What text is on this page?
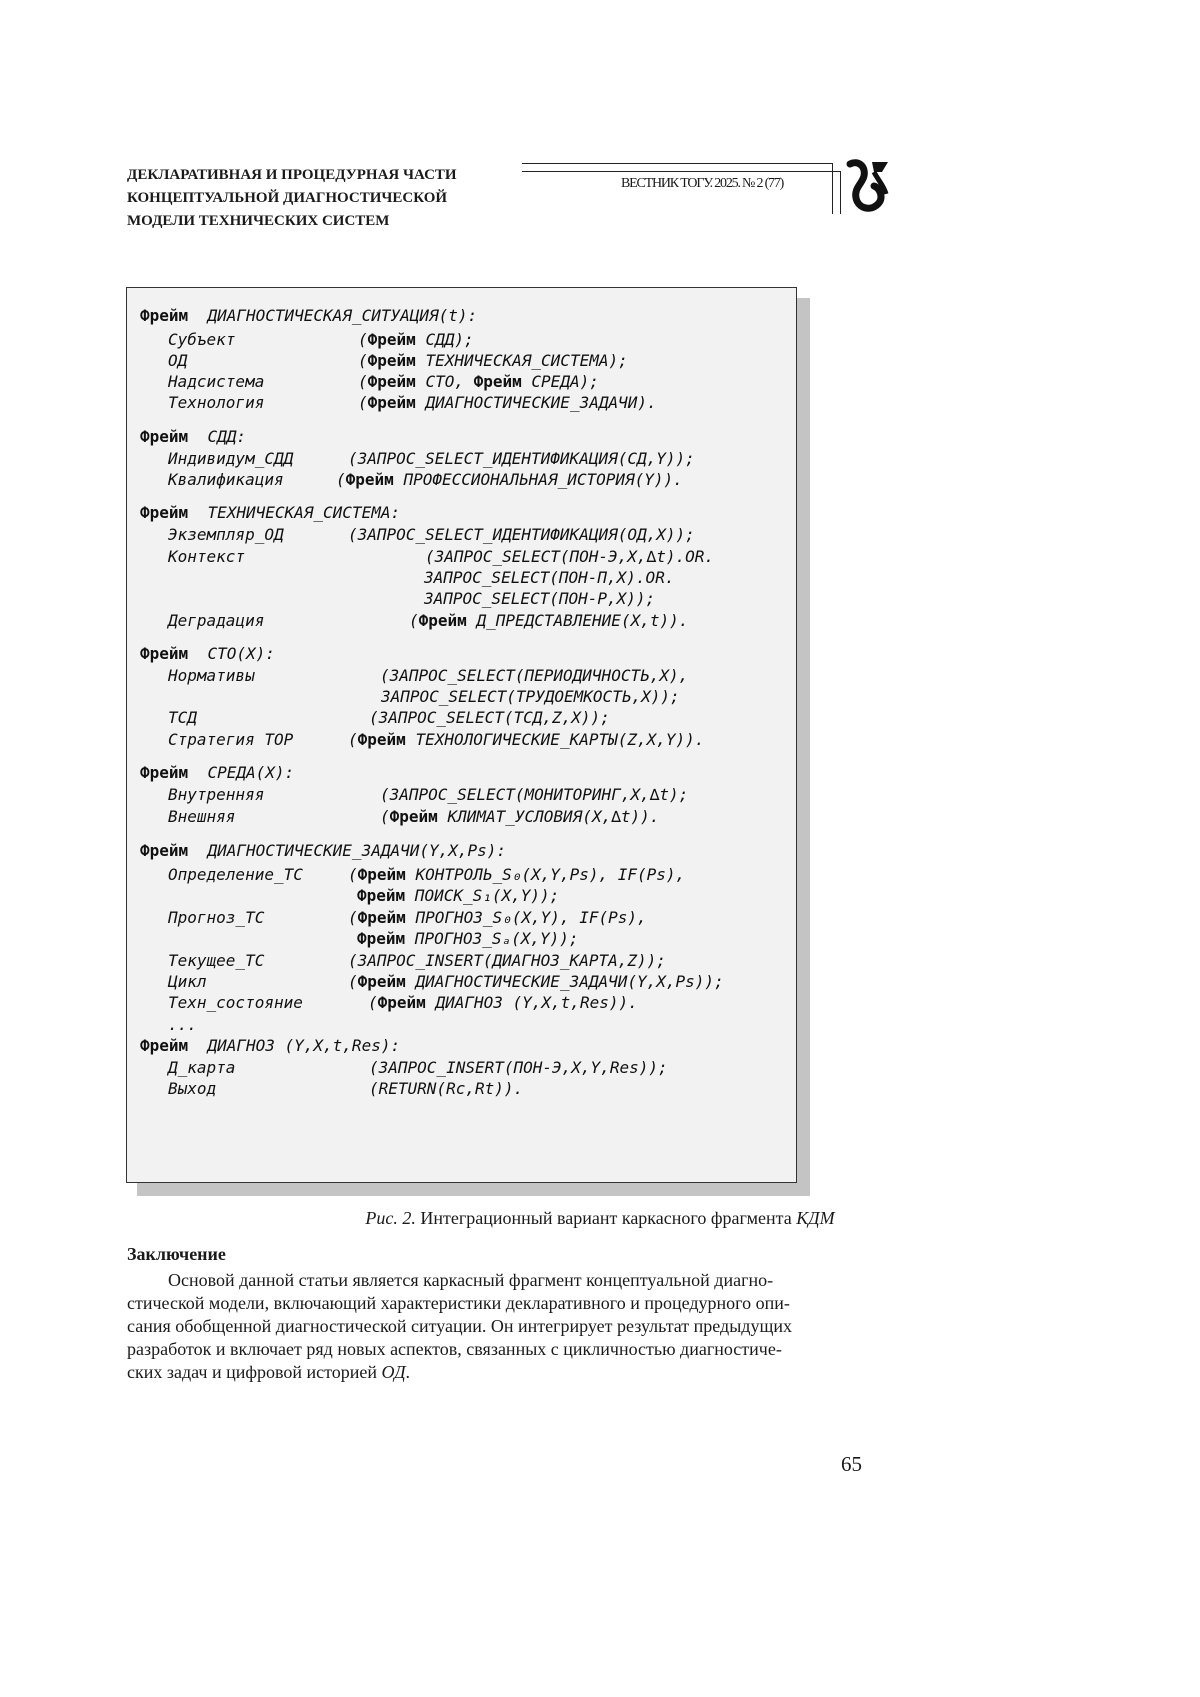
ДЕКЛАРАТИВНАЯ И ПРОЦЕДУРНАЯ ЧАСТИ
КОНЦЕПТУАЛЬНОЙ ДИАГНОСТИЧЕСКОЙ
МОДЕЛИ ТЕХНИЧЕСКИХ СИСТЕМ
ВЕСТНИК ТОГУ. 2025. № 2 (77)
Фрейм  ДИАГНОСТИЧЕСКАЯ_СИТУАЦИЯ(t):
Субъект	(Фрейм СДД);
ОД	(Фрейм ТЕХНИЧЕСКАЯ_СИСТЕМА);
Надсистема	(Фрейм СТО, Фрейм СРЕДА);
Технология	(Фрейм ДИАГНОСТИЧЕСКИЕ_ЗАДАЧИ).
Фрейм  СДД:
Индивидум_СДД	(ЗАПРОС_SELECT_ИДЕНТИФИКАЦИЯ(СД,Y));
Квалификация	(Фрейм ПРОФЕССИОНАЛЬНАЯ_ИСТОРИЯ(Y)).
Фрейм  ТЕХНИЧЕСКАЯ_СИСТЕМА:
Экземпляр_ОД	(ЗАПРОС_SELECT_ИДЕНТИФИКАЦИЯ(ОД,X));
Контекст	(ЗАПРОС_SELECT(ПОН-Э,X,∆t).OR.
ЗАПРОС_SELECT(ПОН-П,X).OR.
ЗАПРОС_SELECT(ПОН-Р,X));
Деградация	(Фрейм Д_ПРЕДСТАВЛЕНИЕ(X,t)).
Фрейм  СТО(X):
Нормативы	(ЗАПРОС_SELECT(ПЕРИОДИЧНОСТЬ,X),
ЗАПРОС_SELECT(ТРУДОЕМКОСТЬ,X));
ТСД	(ЗАПРОС_SELECT(ТСД,Z,X));
Стратегия ТОР	(Фрейм ТЕХНОЛОГИЧЕСКИЕ_КАРТЫ(Z,X,Y)).
Фрейм  СРЕДА(X):
Внутренняя	(ЗАПРОС_SELECT(МОНИТОРИНГ,X,∆t);
Внешняя	(Фрейм КЛИМАТ_УСЛОВИЯ(X,∆t)).
Фрейм  ДИАГНОСТИЧЕСКИЕ_ЗАДАЧИ(Y,X,Ps):
Определение_ТС	(Фрейм КОНТРОЛЬ_S₀(X,Y,Ps), IF(Ps),
Фрейм ПОИСК_S₁(X,Y));
Прогноз_ТС	(Фрейм ПРОГНОЗ_S₀(X,Y), IF(Ps),
Фрейм ПРОГНОЗ_Sₐ(X,Y));
Текущее_ТС	(ЗАПРОС_INSERT(ДИАГНОЗ_КАРТА,Z));
Цикл	(Фрейм ДИАГНОСТИЧЕСКИЕ_ЗАДАЧИ(Y,X,Ps));
Техн_состояние	(Фрейм ДИАГНОЗ (Y,X,t,Res)).
...
Фрейм  ДИАГНОЗ (Y,X,t,Res):
Д_карта	(ЗАПРОС_INSERT(ПОН-Э,X,Y,Res));
Выход	(RETURN(Rc,Rt)).
Рис. 2. Интеграционный вариант каркасного фрагмента КДМ
Заключение
Основой данной статьи является каркасный фрагмент концептуальной диагно-
стической модели, включающий характеристики декларативного и процедурного опи-
сания обобщенной диагностической ситуации. Он интегрирует результат предыдущих
разработок и включает ряд новых аспектов, связанных с цикличностью диагностиче-
ских задач и цифровой историей ОД.
65
